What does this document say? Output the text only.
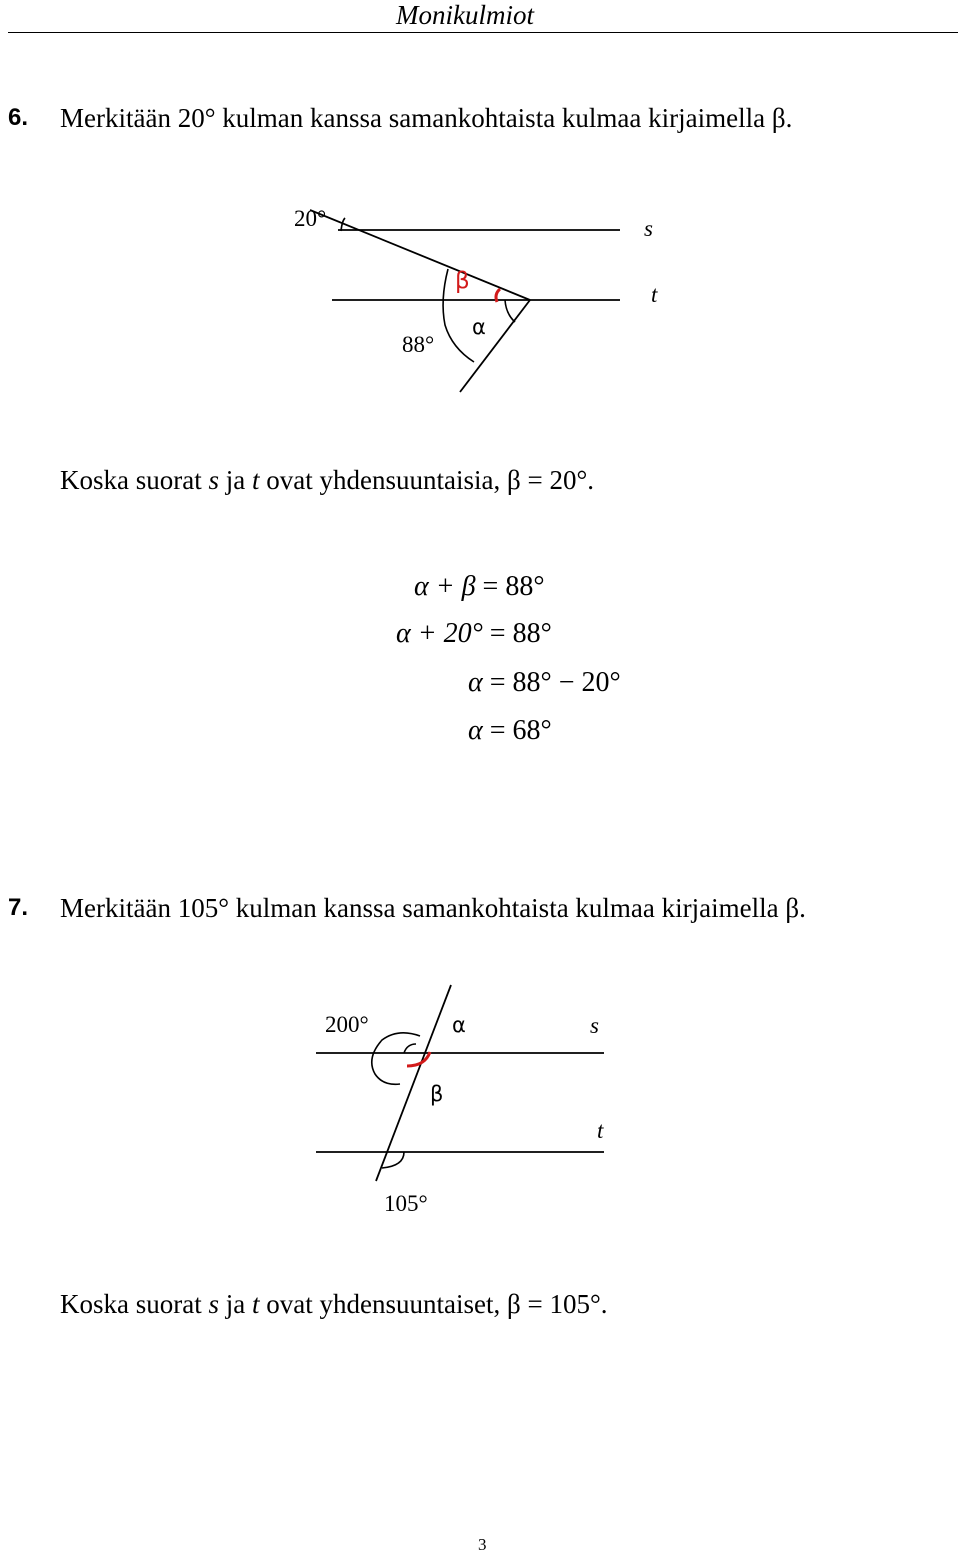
Monikulmiot
6. Merkitään 20° kulman kanssa samankohtaista kulmaa kirjaimella β.
20°
88°
β
α
s
t
Koska suorat s ja t ovat yhdensuuntaisia, β = 20°.
α + β = 88°
α + 20° = 88°
α = 88° − 20°
α = 68°
7. Merkitään 105° kulman kanssa samankohtaista kulmaa kirjaimella β.
200°	α
β
105°
s
t
Koska suorat s ja t ovat yhdensuuntaiset, β = 105°.
3
